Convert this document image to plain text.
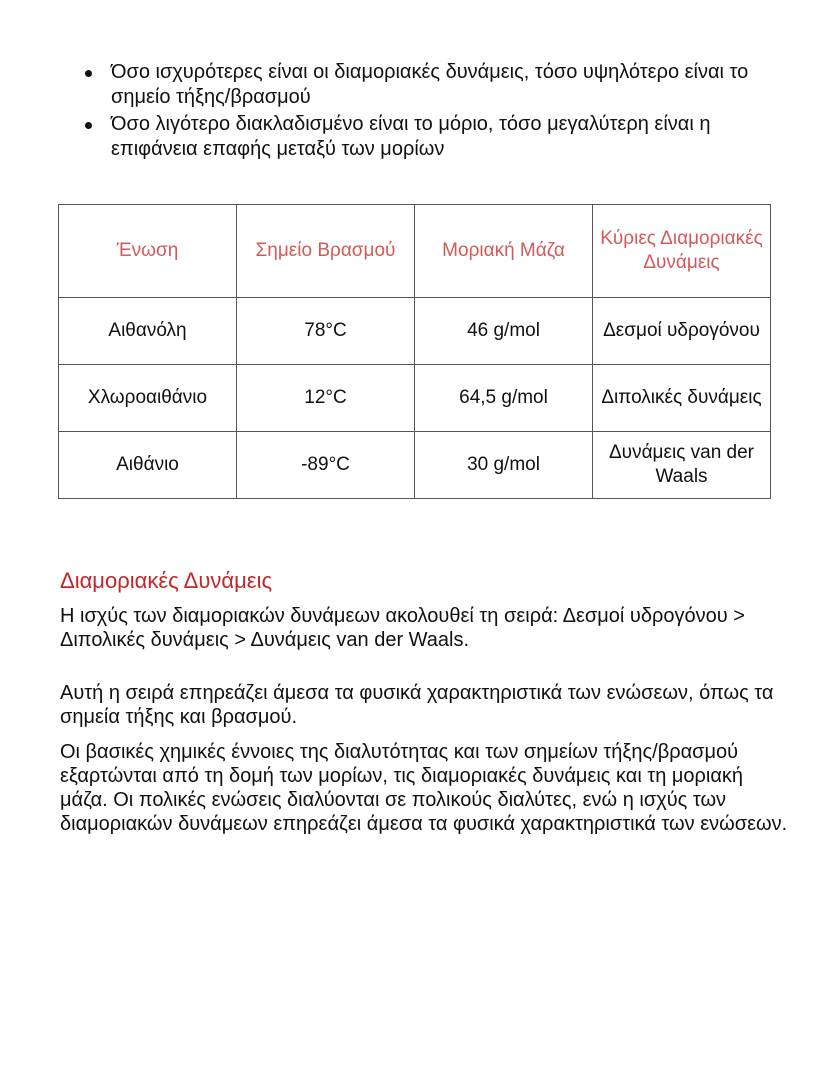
Όσο ισχυρότερες είναι οι διαμοριακές δυνάμεις, τόσο υψηλότερο είναι το σημείο τήξης/βρασμού
Όσο λιγότερο διακλαδισμένο είναι το μόριο, τόσο μεγαλύτερη είναι η επιφάνεια επαφής μεταξύ των μορίων
Ένωση	Σημείο Βρασμού	Μοριακή Μάζα	Κύριες Διαμοριακές Δυνάμεις
Αιθανόλη	78°C	46 g/mol	Δεσμοί υδρογόνου
Χλωροαιθάνιο	12°C	64,5 g/mol	Διπολικές δυνάμεις
Αιθάνιο	-89°C	30 g/mol	Δυνάμεις van der Waals
Διαμοριακές Δυνάμεις

Η ισχύς των διαμοριακών δυνάμεων ακολουθεί τη σειρά: Δεσμοί υδρογόνου > Διπολικές δυνάμεις > Δυνάμεις van der Waals.

Αυτή η σειρά επηρεάζει άμεσα τα φυσικά χαρακτηριστικά των ενώσεων, όπως τα σημεία τήξης και βρασμού.

Οι βασικές χημικές έννοιες της διαλυτότητας και των σημείων τήξης/βρασμού εξαρτώνται από τη δομή των μορίων, τις διαμοριακές δυνάμεις και τη μοριακή μάζα. Οι πολικές ενώσεις διαλύονται σε πολικούς διαλύτες, ενώ η ισχύς των διαμοριακών δυνάμεων επηρεάζει άμεσα τα φυσικά χαρακτηριστικά των ενώσεων.
